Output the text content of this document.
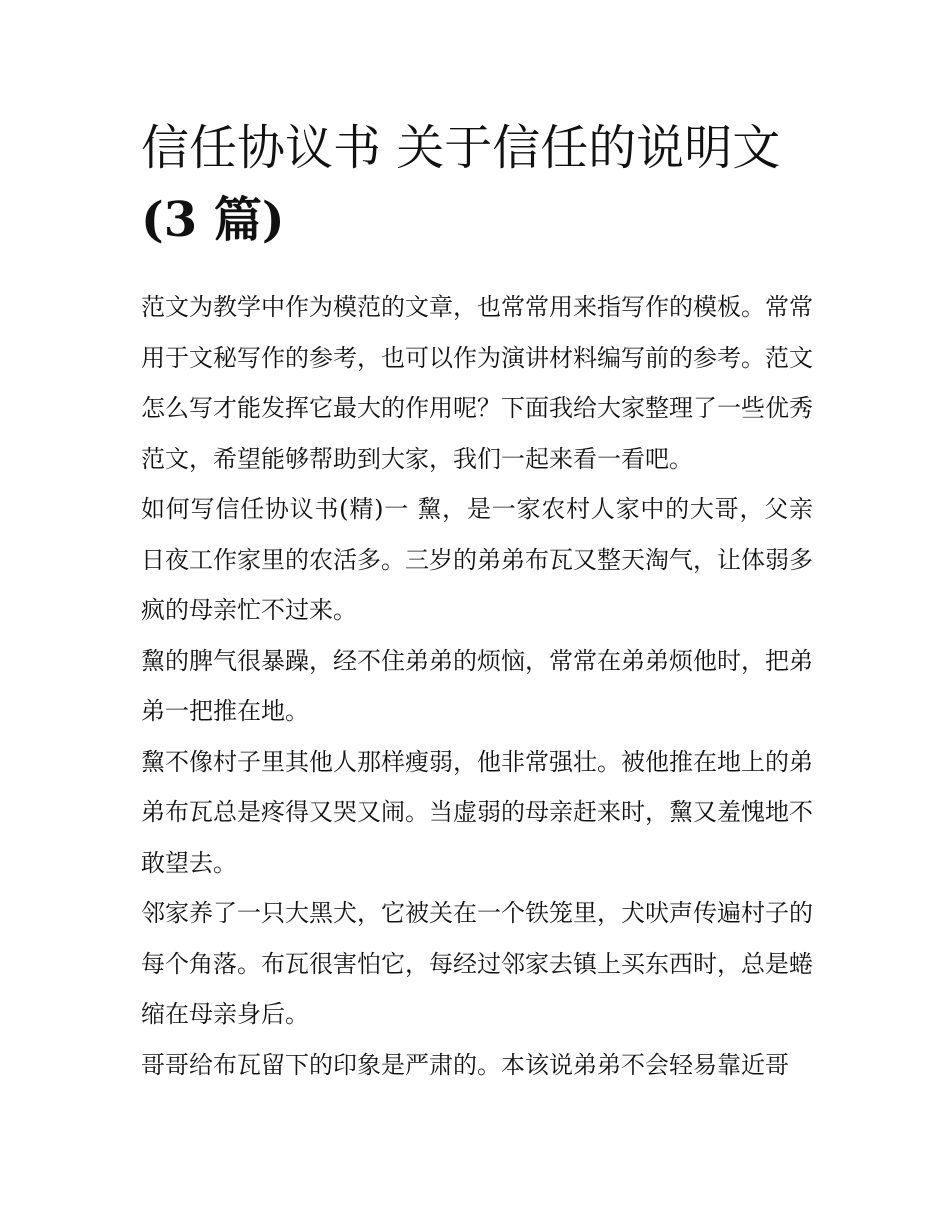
信任协议书 关于信任的说明文
(3 篇)

范文为教学中作为模范的文章，也常常用来指写作的模板。常常用于文秘写作的参考，也可以作为演讲材料编写前的参考。范文怎么写才能发挥它最大的作用呢？下面我给大家整理了一些优秀范文，希望能够帮助到大家，我们一起来看一看吧。

如何写信任协议书(精)一 黧，是一家农村人家中的大哥，父亲日夜工作家里的农活多。三岁的弟弟布瓦又整天淘气，让体弱多疯的母亲忙不过来。

黧的脾气很暴躁，经不住弟弟的烦恼，常常在弟弟烦他时，把弟弟一把推在地。

黧不像村子里其他人那样瘦弱，他非常强壮。被他推在地上的弟弟布瓦总是疼得又哭又闹。当虚弱的母亲赶来时，黧又羞愧地不敢望去。

邻家养了一只大黑犬，它被关在一个铁笼里，犬吠声传遍村子的每个角落。布瓦很害怕它，每经过邻家去镇上买东西时，总是蜷缩在母亲身后。

哥哥给布瓦留下的印象是严肃的。本该说弟弟不会轻易靠近哥
